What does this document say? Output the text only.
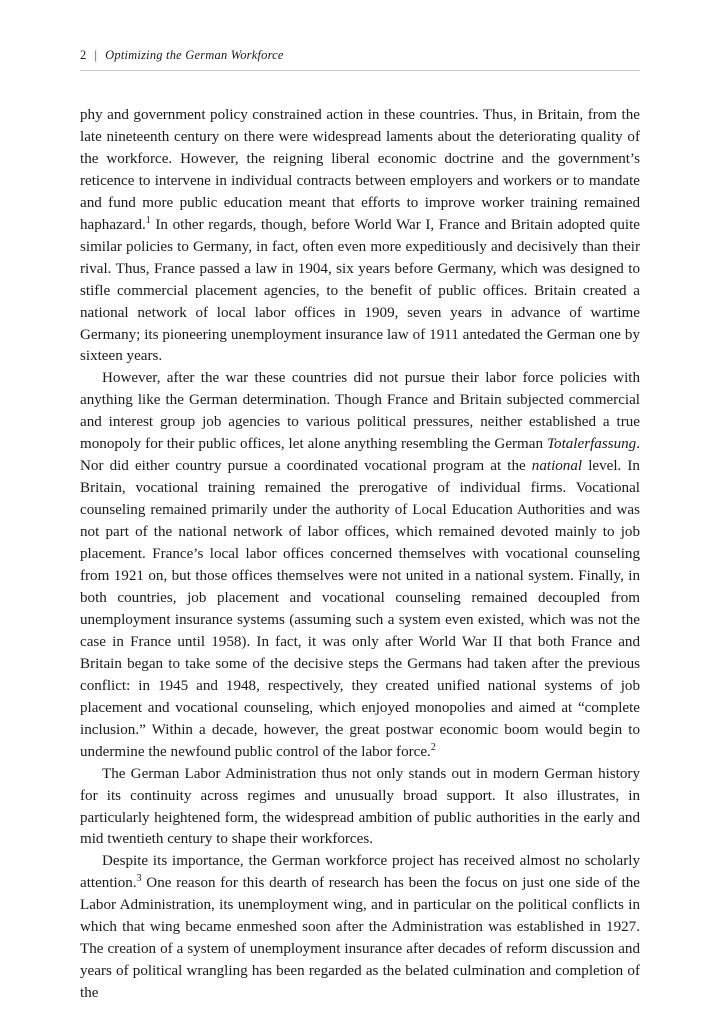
2 | Optimizing the German Workforce

phy and government policy constrained action in these countries. Thus, in Britain, from the late nineteenth century on there were widespread laments about the deteriorating quality of the workforce. However, the reigning liberal economic doctrine and the government’s reticence to intervene in individual contracts between employers and workers or to mandate and fund more public education meant that efforts to improve worker training remained haphazard.$^1$ In other regards, though, before World War I, France and Britain adopted quite similar policies to Germany, in fact, often even more expeditiously and decisively than their rival. Thus, France passed a law in 1904, six years before Germany, which was designed to stifle commercial placement agencies, to the benefit of public offices. Britain created a national network of local labor offices in 1909, seven years in advance of wartime Germany; its pioneering unemployment insurance law of 1911 antedated the German one by sixteen years.

However, after the war these countries did not pursue their labor force policies with anything like the German determination. Though France and Britain subjected commercial and interest group job agencies to various political pressures, neither established a true monopoly for their public offices, let alone anything resembling the German Totalerfassung. Nor did either country pursue a coordinated vocational program at the national level. In Britain, vocational training remained the prerogative of individual firms. Vocational counseling remained primarily under the authority of Local Education Authorities and was not part of the national network of labor offices, which remained devoted mainly to job placement. France’s local labor offices concerned themselves with vocational counseling from 1921 on, but those offices themselves were not united in a national system. Finally, in both countries, job placement and vocational counseling remained decoupled from unemployment insurance systems (assuming such a system even existed, which was not the case in France until 1958). In fact, it was only after World War II that both France and Britain began to take some of the decisive steps the Germans had taken after the previous conflict: in 1945 and 1948, respectively, they created unified national systems of job placement and vocational counseling, which enjoyed monopolies and aimed at “complete inclusion.” Within a decade, however, the great postwar economic boom would begin to undermine the newfound public control of the labor force.$^2$

The German Labor Administration thus not only stands out in modern German history for its continuity across regimes and unusually broad support. It also illustrates, in particularly heightened form, the widespread ambition of public authorities in the early and mid twentieth century to shape their workforces.

Despite its importance, the German workforce project has received almost no scholarly attention.$^3$ One reason for this dearth of research has been the focus on just one side of the Labor Administration, its unemployment wing, and in particular on the political conflicts in which that wing became enmeshed soon after the Administration was established in 1927. The creation of a system of unemployment insurance after decades of reform discussion and years of political wrangling has been regarded as the belated culmination and completion of the
